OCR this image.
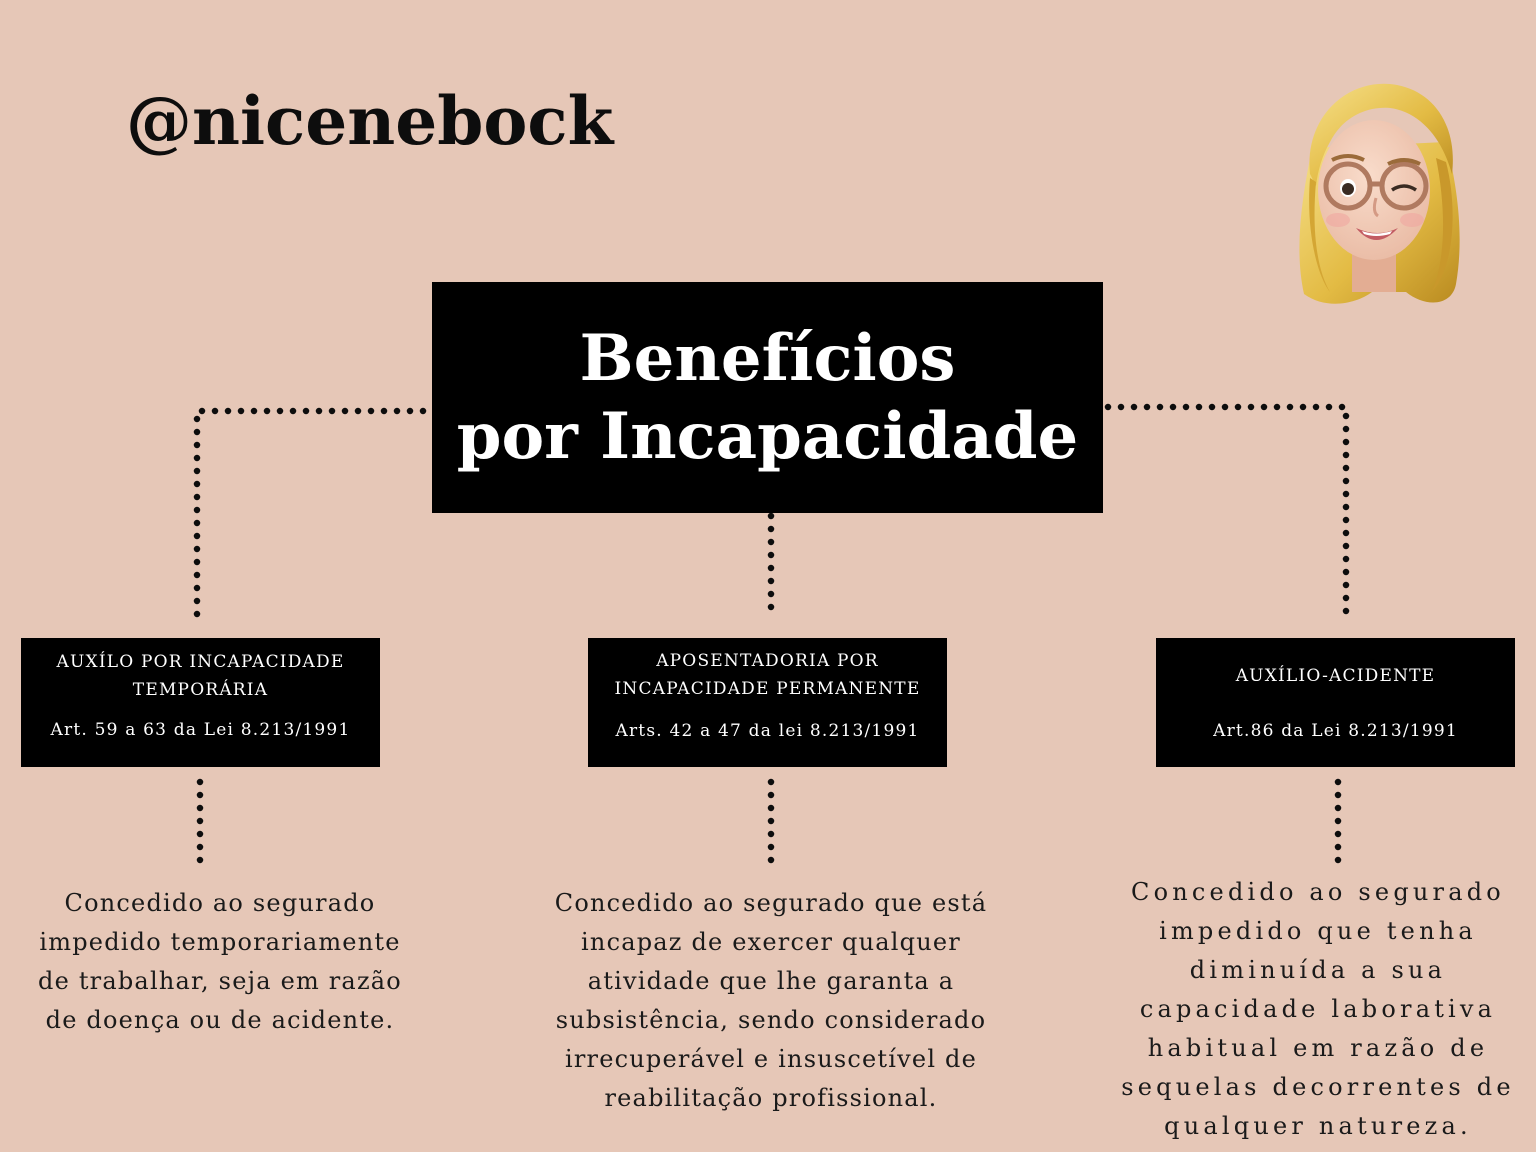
@nicenebock
Benefícios
por Incapacidade
AUXÍLO POR INCAPACIDADE
TEMPORÁRIA
Art. 59 a 63 da Lei 8.213/1991
APOSENTADORIA POR
INCAPACIDADE PERMANENTE
Arts. 42 a 47 da lei 8.213/1991
AUXÍLIO-ACIDENTE
Art.86 da Lei 8.213/1991
Concedido ao segurado
impedido temporariamente
de trabalhar, seja em razão
de doença ou de acidente.
Concedido ao segurado que está
incapaz de exercer qualquer
atividade que lhe garanta a
subsistência, sendo considerado
irrecuperável e insuscetível de
reabilitação profissional.
Concedido ao segurado
impedido que tenha
diminuída a sua
capacidade laborativa
habitual em razão de
sequelas decorrentes de
qualquer natureza.
